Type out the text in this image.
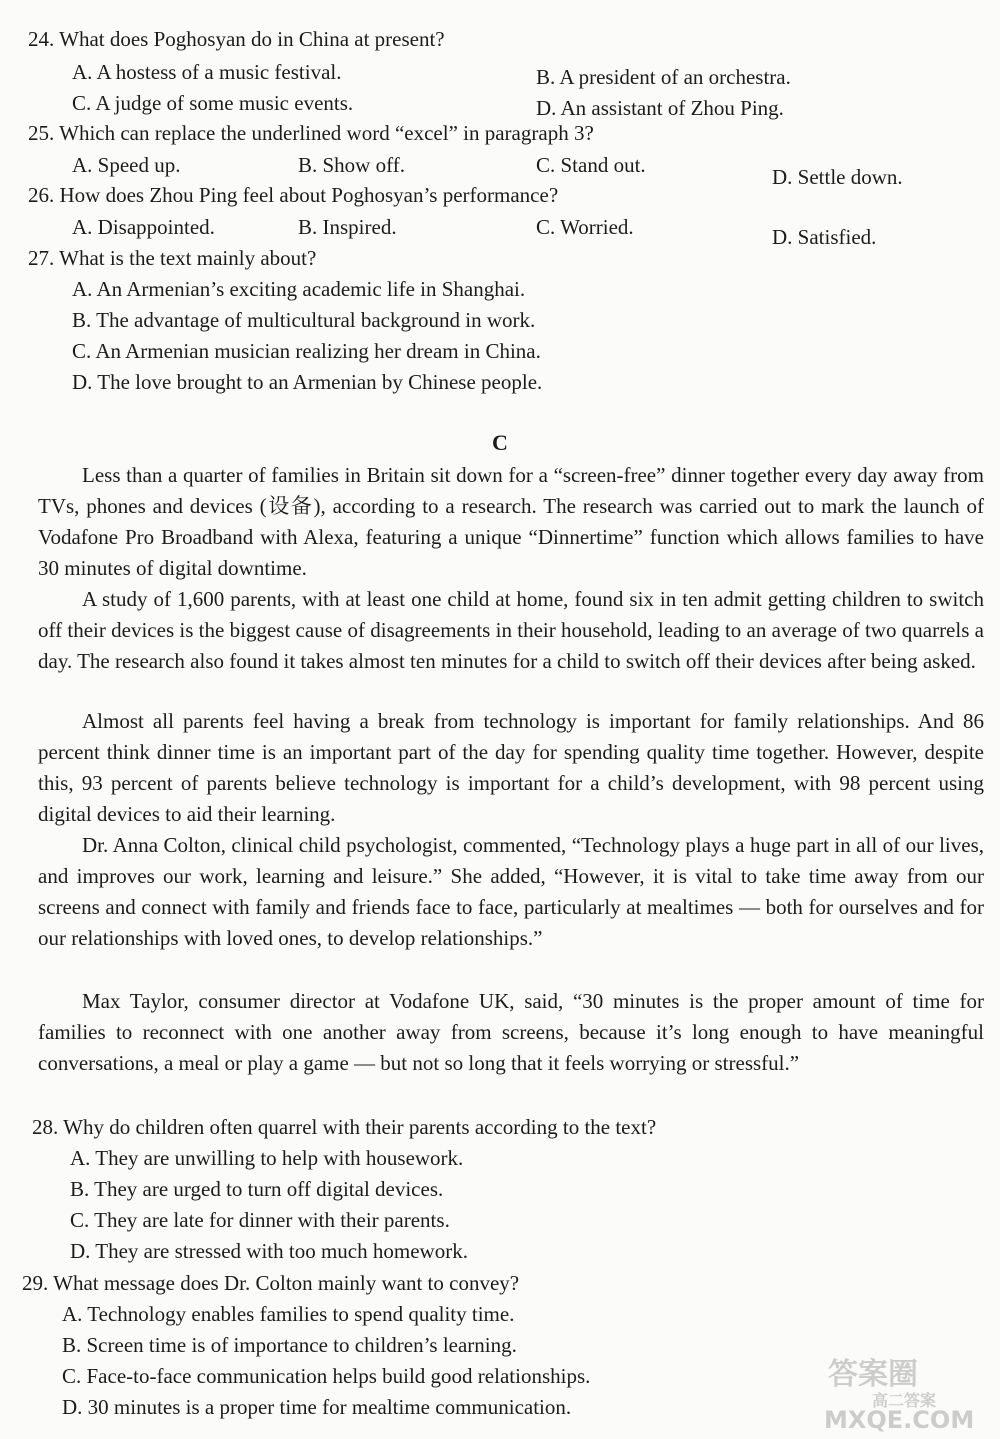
24. What does Poghosyan do in China at present?
A. A hostess of a music festival.	B. A president of an orchestra.
C. A judge of some music events.	D. An assistant of Zhou Ping.
25. Which can replace the underlined word “excel” in paragraph 3?
A. Speed up.	B. Show off.	C. Stand out.	D. Settle down.
26. How does Zhou Ping feel about Poghosyan’s performance?
A. Disappointed.	B. Inspired.	C. Worried.	D. Satisfied.
27. What is the text mainly about?
A. An Armenian’s exciting academic life in Shanghai.
B. The advantage of multicultural background in work.
C. An Armenian musician realizing her dream in China.
D. The love brought to an Armenian by Chinese people.
C
Less than a quarter of families in Britain sit down for a “screen-free” dinner together every day away from TVs, phones and devices (设备), according to a research. The research was carried out to mark the launch of Vodafone Pro Broadband with Alexa, featuring a unique “Dinnertime” function which allows families to have 30 minutes of digital downtime.
A study of 1,600 parents, with at least one child at home, found six in ten admit getting children to switch off their devices is the biggest cause of disagreements in their household, leading to an average of two quarrels a day. The research also found it takes almost ten minutes for a child to switch off their devices after being asked.
Almost all parents feel having a break from technology is important for family relationships. And 86 percent think dinner time is an important part of the day for spending quality time together. However, despite this, 93 percent of parents believe technology is important for a child’s development, with 98 percent using digital devices to aid their learning.
Dr. Anna Colton, clinical child psychologist, commented, “Technology plays a huge part in all of our lives, and improves our work, learning and leisure.” She added, “However, it is vital to take time away from our screens and connect with family and friends face to face, particularly at mealtimes — both for ourselves and for our relationships with loved ones, to develop relationships.”
Max Taylor, consumer director at Vodafone UK, said, “30 minutes is the proper amount of time for families to reconnect with one another away from screens, because it’s long enough to have meaningful conversations, a meal or play a game — but not so long that it feels worrying or stressful.”
28. Why do children often quarrel with their parents according to the text?
A. They are unwilling to help with housework.
B. They are urged to turn off digital devices.
C. They are late for dinner with their parents.
D. They are stressed with too much homework.
29. What message does Dr. Colton mainly want to convey?
A. Technology enables families to spend quality time.
B. Screen time is of importance to children’s learning.
C. Face-to-face communication helps build good relationships.
D. 30 minutes is a proper time for mealtime communication.
答案圈
高二答案
MXQE.COM
